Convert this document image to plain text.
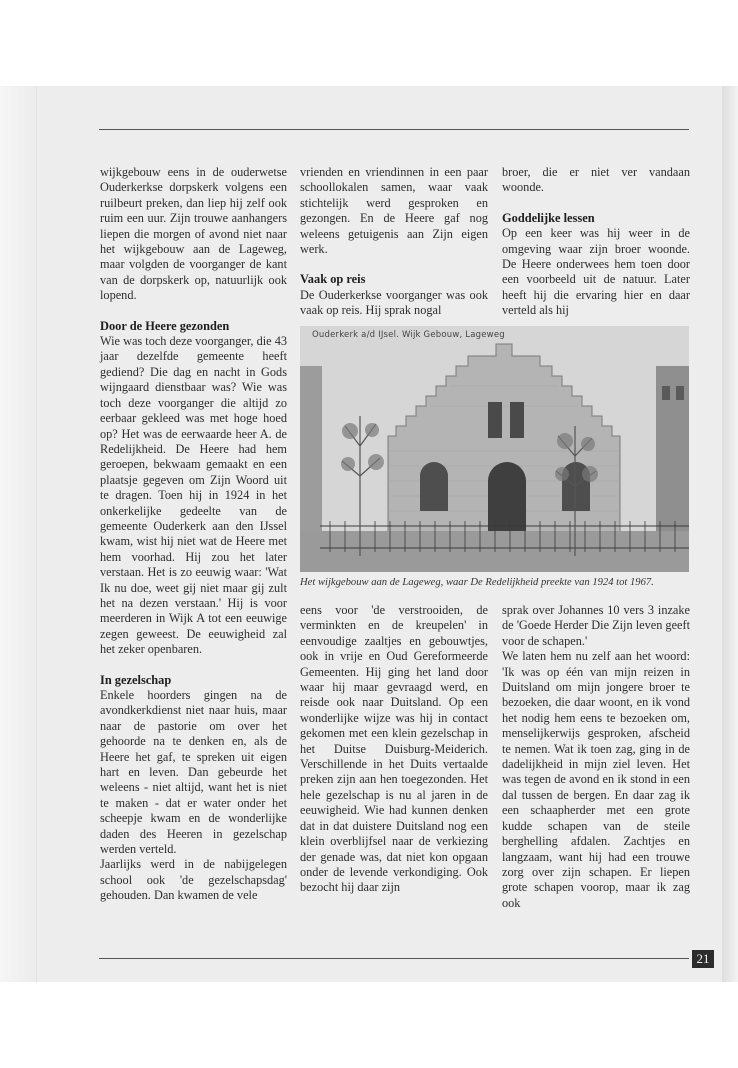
wijkgebouw eens in de ouderwetse Ouderkerkse dorpskerk volgens een ruilbeurt preken, dan liep hij zelf ook ruim een uur. Zijn trouwe aanhangers liepen die morgen of avond niet naar het wijkgebouw aan de Lageweg, maar volgden de voorganger de kant van de dorpskerk op, natuurlijk ook lopend.

Door de Heere gezonden

Wie was toch deze voorganger, die 43 jaar dezelfde gemeente heeft gediend? Die dag en nacht in Gods wijngaard dienstbaar was? Wie was toch deze voorganger die altijd zo eerbaar gekleed was met hoge hoed op? Het was de eerwaarde heer A. de Redelijkheid. De Heere had hem geroepen, bekwaam gemaakt en een plaatsje gegeven om Zijn Woord uit te dragen. Toen hij in 1924 in het onkerkelijke gedeelte van de gemeente Ouderkerk aan den IJssel kwam, wist hij niet wat de Heere met hem voorhad. Hij zou het later verstaan. Het is zo eeuwig waar: 'Wat Ik nu doe, weet gij niet maar gij zult het na dezen verstaan.' Hij is voor meerderen in Wijk A tot een eeuwige zegen geweest. De eeuwigheid zal het zeker openbaren.

In gezelschap

Enkele hoorders gingen na de avondkerkdienst niet naar huis, maar naar de pastorie om over het gehoorde na te denken en, als de Heere het gaf, te spreken uit eigen hart en leven. Dan gebeurde het weleens - niet altijd, want het is niet te maken - dat er water onder het scheepje kwam en de wonderlijke daden des Heeren in gezelschap werden verteld.

Jaarlijks werd in de nabijgelegen school ook 'de gezelschapsdag' gehouden. Dan kwamen de vele

vrienden en vriendinnen in een paar schoollokalen samen, waar vaak stichtelijk werd gesproken en gezongen. En de Heere gaf nog weleens getuigenis aan Zijn eigen werk.

Vaak op reis

De Ouderkerkse voorganger was ook vaak op reis. Hij sprak nogal

broer, die er niet ver vandaan woonde.

Goddelijke lessen

Op een keer was hij weer in de omgeving waar zijn broer woonde. De Heere onderwees hem toen door een voorbeeld uit de natuur. Later heeft hij die ervaring hier en daar verteld als hij

Ouderkerk a/d IJsel. Wijk Gebouw, Lageweg
Het wijkgebouw aan de Lageweg, waar De Redelijkheid preekte van 1924 tot 1967.

eens voor 'de verstrooiden, de verminkten en de kreupelen' in eenvoudige zaaltjes en gebouwtjes, ook in vrije en Oud Gereformeerde Gemeenten. Hij ging het land door waar hij maar gevraagd werd, en reisde ook naar Duitsland. Op een wonderlijke wijze was hij in contact gekomen met een klein gezelschap in het Duitse Duisburg-Meiderich. Verschillende in het Duits vertaalde preken zijn aan hen toegezonden. Het hele gezelschap is nu al jaren in de eeuwigheid. Wie had kunnen denken dat in dat duistere Duitsland nog een klein overblijfsel naar de verkiezing der genade was, dat niet kon opgaan onder de levende verkondiging. Ook bezocht hij daar zijn

sprak over Johannes 10 vers 3 inzake de 'Goede Herder Die Zijn leven geeft voor de schapen.'

We laten hem nu zelf aan het woord: 'Ik was op één van mijn reizen in Duitsland om mijn jongere broer te bezoeken, die daar woont, en ik vond het nodig hem eens te bezoeken om, menselijkerwijs gesproken, afscheid te nemen. Wat ik toen zag, ging in de dadelijkheid in mijn ziel leven. Het was tegen de avond en ik stond in een dal tussen de bergen. En daar zag ik een schaapherder met een grote kudde schapen van de steile berghelling afdalen. Zachtjes en langzaam, want hij had een trouwe zorg over zijn schapen. Er liepen grote schapen voorop, maar ik zag ook

21
